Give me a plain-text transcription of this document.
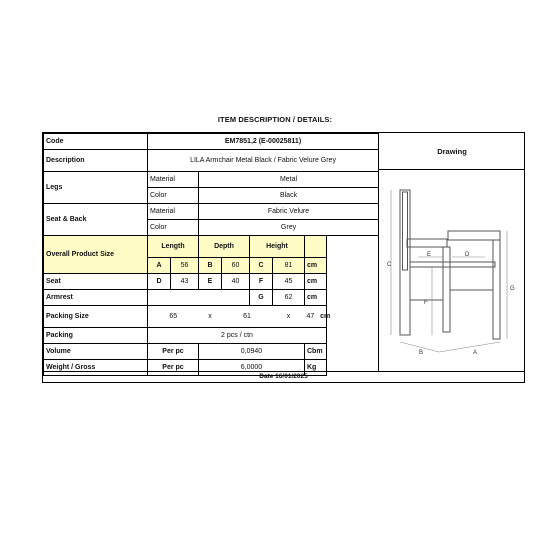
ITEM DESCRIPTION / DETAILS:
Code	EM7851,2 (E-00025811)							
Description	LILA Armchair Metal Black / Fabric Velure Grey							
Legs	Material		Metal					
	Color		Black					
Seat & Back	Material		Fabric Velure					
	Color		Grey					
Overall Product Size	Length		Depth		Height			
	A	56	B	60	C	81	cm	
Seat	D	43	E	40	F	45	cm	
Armrest					G	62	cm	
Packing Size	65		x	61		x	47 cm	
Packing	2 pcs / ctn							
Volume	Per pc		0,0940				Cbm	
Weight / Gross	Per pc		6,0000				Kg	
Drawing
C
F
G
E	D
B	A
Date 16/01/2025
